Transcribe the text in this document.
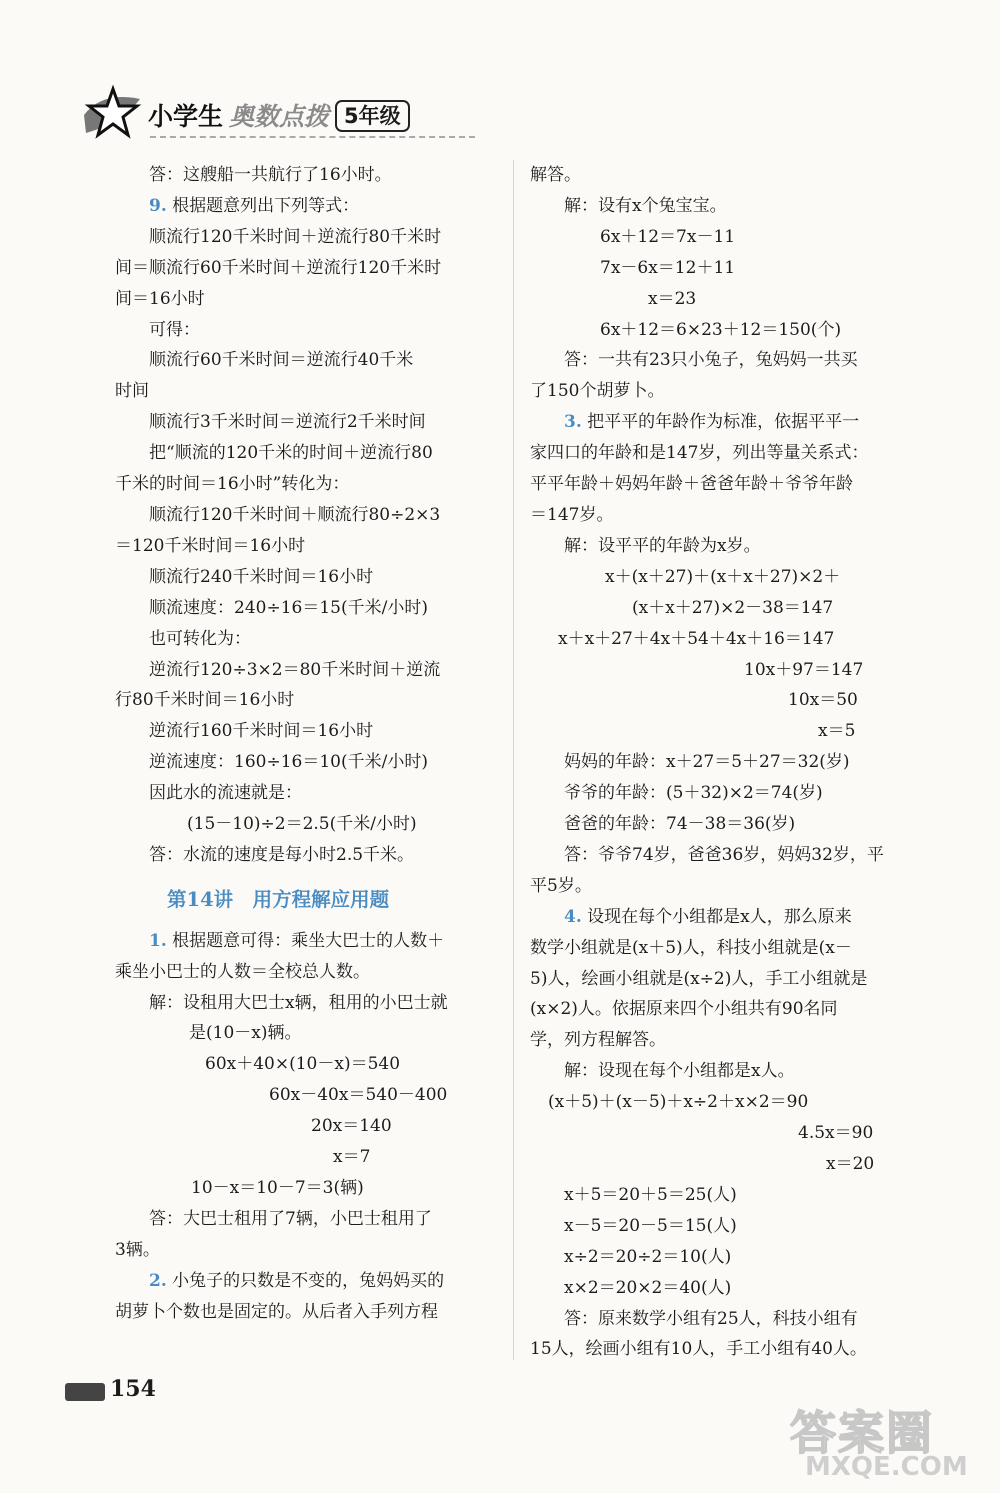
小学生 奥数点拨 5年级

答：这艘船一共航行了16小时。

9. 根据题意列出下列等式：

顺流行120千米时间＋逆流行80千米时

间＝顺流行60千米时间＋逆流行120千米时

间＝16小时

可得：

顺流行60千米时间＝逆流行40千米

时间

顺流行3千米时间＝逆流行2千米时间

把“顺流的120千米的时间＋逆流行80

千米的时间＝16小时”转化为：

顺流行120千米时间＋顺流行80÷2×3

＝120千米时间＝16小时

顺流行240千米时间＝16小时

顺流速度：240÷16＝15(千米/小时)

也可转化为：

逆流行120÷3×2＝80千米时间＋逆流

行80千米时间＝16小时

逆流行160千米时间＝16小时

逆流速度：160÷16＝10(千米/小时)

因此水的流速就是：

(15－10)÷2＝2.5(千米/小时)

答：水流的速度是每小时2.5千米。

第14讲　用方程解应用题

1. 根据题意可得：乘坐大巴士的人数＋

乘坐小巴士的人数＝全校总人数。

解：设租用大巴士x辆，租用的小巴士就

是(10－x)辆。

60x＋40×(10－x)＝540

60x－40x＝540－400

20x＝140

x＝7

10－x＝10－7＝3(辆)

答：大巴士租用了7辆，小巴士租用了

3辆。

2. 小兔子的只数是不变的，兔妈妈买的

胡萝卜个数也是固定的。从后者入手列方程

解答。

解：设有x个兔宝宝。

6x＋12＝7x－11

7x－6x＝12＋11

x＝23

6x＋12＝6×23＋12＝150(个)

答：一共有23只小兔子，兔妈妈一共买

了150个胡萝卜。

3. 把平平的年龄作为标准，依据平平一

家四口的年龄和是147岁，列出等量关系式：

平平年龄＋妈妈年龄＋爸爸年龄＋爷爷年龄

＝147岁。

解：设平平的年龄为x岁。

x＋(x＋27)＋(x＋x＋27)×2＋

(x＋x＋27)×2－38＝147

x＋x＋27＋4x＋54＋4x＋16＝147

10x＋97＝147

10x＝50

x＝5

妈妈的年龄：x＋27＝5＋27＝32(岁)

爷爷的年龄：(5＋32)×2＝74(岁)

爸爸的年龄：74－38＝36(岁)

答：爷爷74岁，爸爸36岁，妈妈32岁，平

平5岁。

4. 设现在每个小组都是x人，那么原来

数学小组就是(x＋5)人，科技小组就是(x－

5)人，绘画小组就是(x÷2)人，手工小组就是

(x×2)人。依据原来四个小组共有90名同

学，列方程解答。

解：设现在每个小组都是x人。

(x＋5)＋(x－5)＋x÷2＋x×2＝90

4.5x＝90

x＝20

x＋5＝20＋5＝25(人)

x－5＝20－5＝15(人)

x÷2＝20÷2＝10(人)

x×2＝20×2＝40(人)

答：原来数学小组有25人，科技小组有

15人，绘画小组有10人，手工小组有40人。

154
答案圈
MXQE.COM
